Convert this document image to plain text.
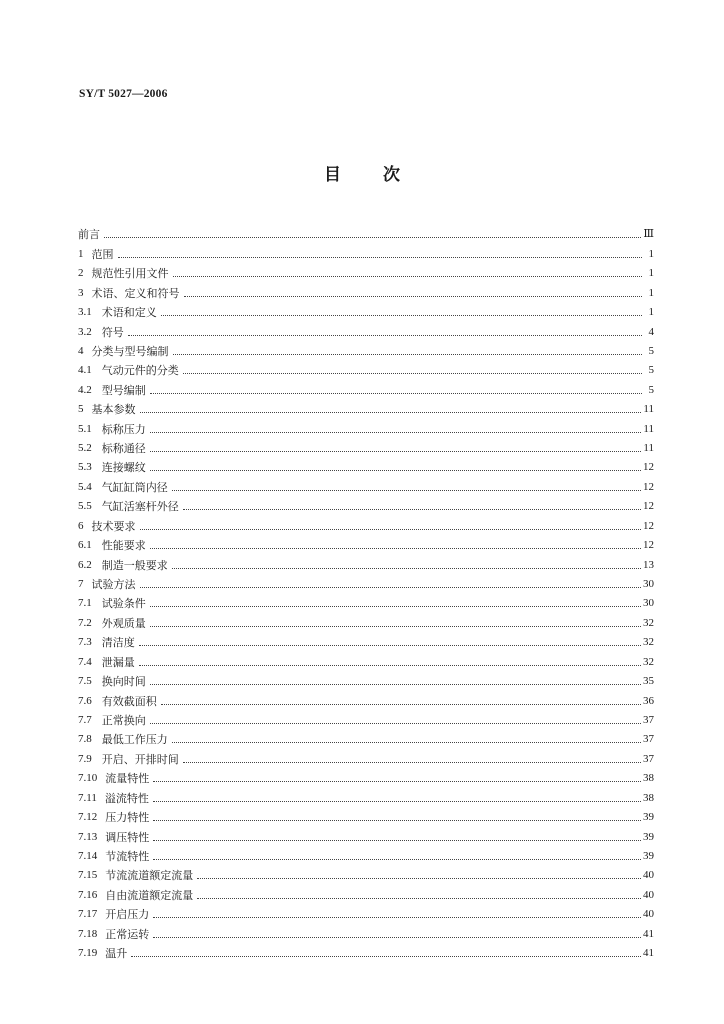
SY/T 5027—2006
目 次
前言	Ⅲ
1 范围	1
2 规范性引用文件	1
3 术语、定义和符号	1
3.1 术语和定义	1
3.2 符号	4
4 分类与型号编制	5
4.1 气动元件的分类	5
4.2 型号编制	5
5 基本参数	11
5.1 标称压力	11
5.2 标称通径	11
5.3 连接螺纹	12
5.4 气缸缸筒内径	12
5.5 气缸活塞杆外径	12
6 技术要求	12
6.1 性能要求	12
6.2 制造一般要求	13
7 试验方法	30
7.1 试验条件	30
7.2 外观质量	32
7.3 清洁度	32
7.4 泄漏量	32
7.5 换向时间	35
7.6 有效截面积	36
7.7 正常换向	37
7.8 最低工作压力	37
7.9 开启、开排时间	37
7.10 流量特性	38
7.11 溢流特性	38
7.12 压力特性	39
7.13 调压特性	39
7.14 节流特性	39
7.15 节流流道额定流量	40
7.16 自由流道额定流量	40
7.17 开启压力	40
7.18 正常运转	41
7.19 温升	41
